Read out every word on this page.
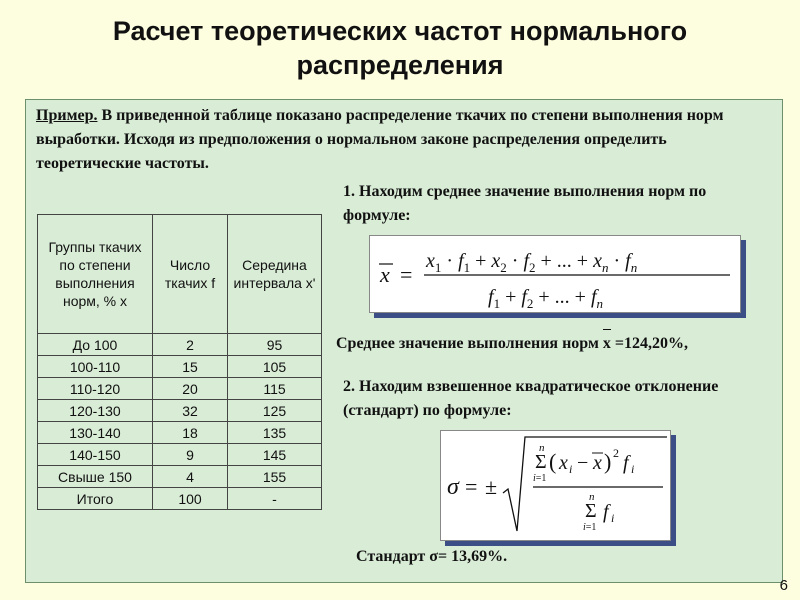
Расчет теоретических частот нормального
распределения
Пример. В приведенной таблице показано распределение ткачих по степени выполнения норм выработки. Исходя из предположения о нормальном законе распределения определить теоретические частоты.
Группы ткачих по степени выполнения норм, % x	Число ткачих f	Середина интервала x'
До 100	2	95
100-110	15	105
110-120	20	115
120-130	32	125
130-140	18	135
140-150	9	145
Свыше 150	4	155
Итого	100	-
1. Находим среднее значение выполнения норм по формуле:
x =
$x_1 \cdot f_1 + x_2 \cdot f_2$ + ... + $x_n \cdot f_n$
$f_1 + f_2$ + ... + $f_n$
Среднее значение выполнения норм x =124,20%,
2. Находим взвешенное квадратическое отклонение (стандарт) по формуле:
σ = ±
n
Σ
i=1
( x i − x ) 2 f i
n
Σ
i=1
f i
Стандарт σ= 13,69%.
6
